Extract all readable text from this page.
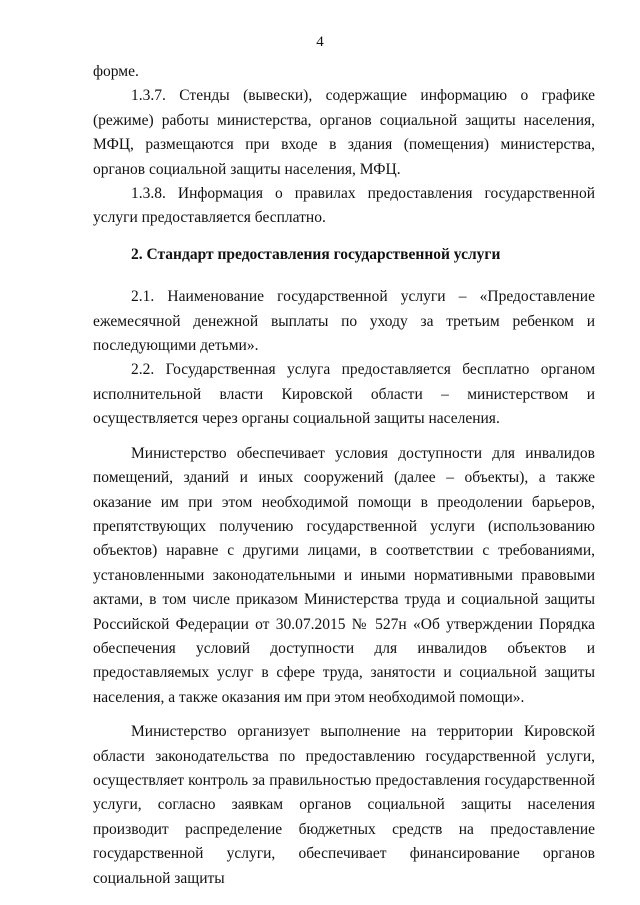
4

форме.

1.3.7. Стенды (вывески), содержащие информацию о графике (режиме) работы министерства, органов социальной защиты населения, МФЦ, размещаются при входе в здания (помещения) министерства, органов социальной защиты населения, МФЦ.

1.3.8. Информация о правилах предоставления государственной услуги предоставляется бесплатно.

2. Стандарт предоставления государственной услуги

2.1. Наименование государственной услуги – «Предоставление ежемесячной денежной выплаты по уходу за третьим ребенком и последующими детьми».

2.2. Государственная услуга предоставляется бесплатно органом исполнительной власти Кировской области – министерством и осуществляется через органы социальной защиты населения.

Министерство обеспечивает условия доступности для инвалидов помещений, зданий и иных сооружений (далее – объекты), а также оказание им при этом необходимой помощи в преодолении барьеров, препятствующих получению государственной услуги (использованию объектов) наравне с другими лицами, в соответствии с требованиями, установленными законодательными и иными нормативными правовыми актами, в том числе приказом Министерства труда и социальной защиты Российской Федерации от 30.07.2015 № 527н «Об утверждении Порядка обеспечения условий доступности для инвалидов объектов и предоставляемых услуг в сфере труда, занятости и социальной защиты населения, а также оказания им при этом необходимой помощи».

Министерство организует выполнение на территории Кировской области законодательства по предоставлению государственной услуги, осуществляет контроль за правильностью предоставления государственной услуги, согласно заявкам органов социальной защиты населения производит распределение бюджетных средств на предоставление государственной услуги, обеспечивает финансирование органов социальной защиты
